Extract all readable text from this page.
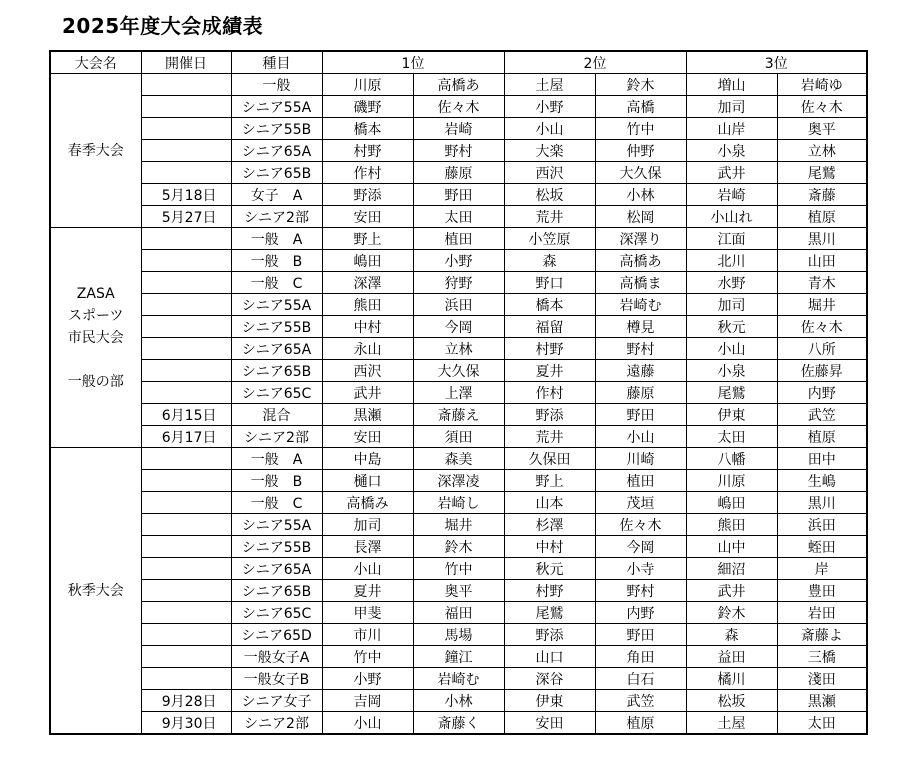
2025年度大会成績表
大会名	開催日	種目	1位		2位		3位	

春季大会		一般	川原	高橋あ	土屋	鈴木	増山	岩崎ゆ
		シニア55A	磯野	佐々木	小野	高橋	加司	佐々木
		シニア55B	橋本	岩崎	小山	竹中	山岸	奥平
		シニア65A	村野	野村	大楽	仲野	小泉	立林
		シニア65B	作村	藤原	西沢	大久保	武井	尾鷲
	5月18日	女子　A	野添	野田	松坂	小林	岩崎	斎藤
	5月27日	シニア2部	安田	太田	荒井	松岡	小山れ	植原

ZASA
スポーツ
市民大会
一般の部		一般　A	野上	植田	小笠原	深澤り	江面	黒川
		一般　B	嶋田	小野	森	高橋あ	北川	山田
		一般　C	深澤	狩野	野口	高橋ま	水野	青木
		シニア55A	熊田	浜田	橋本	岩崎む	加司	堀井
		シニア55B	中村	今岡	福留	樽見	秋元	佐々木
		シニア65A	永山	立林	村野	野村	小山	八所
		シニア65B	西沢	大久保	夏井	遠藤	小泉	佐藤昇
		シニア65C	武井	上澤	作村	藤原	尾鷲	内野
	6月15日	混合	黒瀬	斎藤え	野添	野田	伊東	武笠
	6月17日	シニア2部	安田	須田	荒井	小山	太田	植原

秋季大会		一般　A	中島	森美	久保田	川崎	八幡	田中
		一般　B	樋口	深澤凌	野上	植田	川原	生嶋
		一般　C	高橋み	岩崎し	山本	茂垣	嶋田	黒川
		シニア55A	加司	堀井	杉澤	佐々木	熊田	浜田
		シニア55B	長澤	鈴木	中村	今岡	山中	蛭田
		シニア65A	小山	竹中	秋元	小寺	細沼	岸
		シニア65B	夏井	奥平	村野	野村	武井	豊田
		シニア65C	甲斐	福田	尾鷲	内野	鈴木	岩田
		シニア65D	市川	馬場	野添	野田	森	斎藤よ
		一般女子A	竹中	鐘江	山口	角田	益田	三橋
		一般女子B	小野	岩崎む	深谷	白石	橘川	淺田
	9月28日	シニア女子	吉岡	小林	伊東	武笠	松坂	黒瀬
	9月30日	シニア2部	小山	斎藤く	安田	植原	土屋	太田
